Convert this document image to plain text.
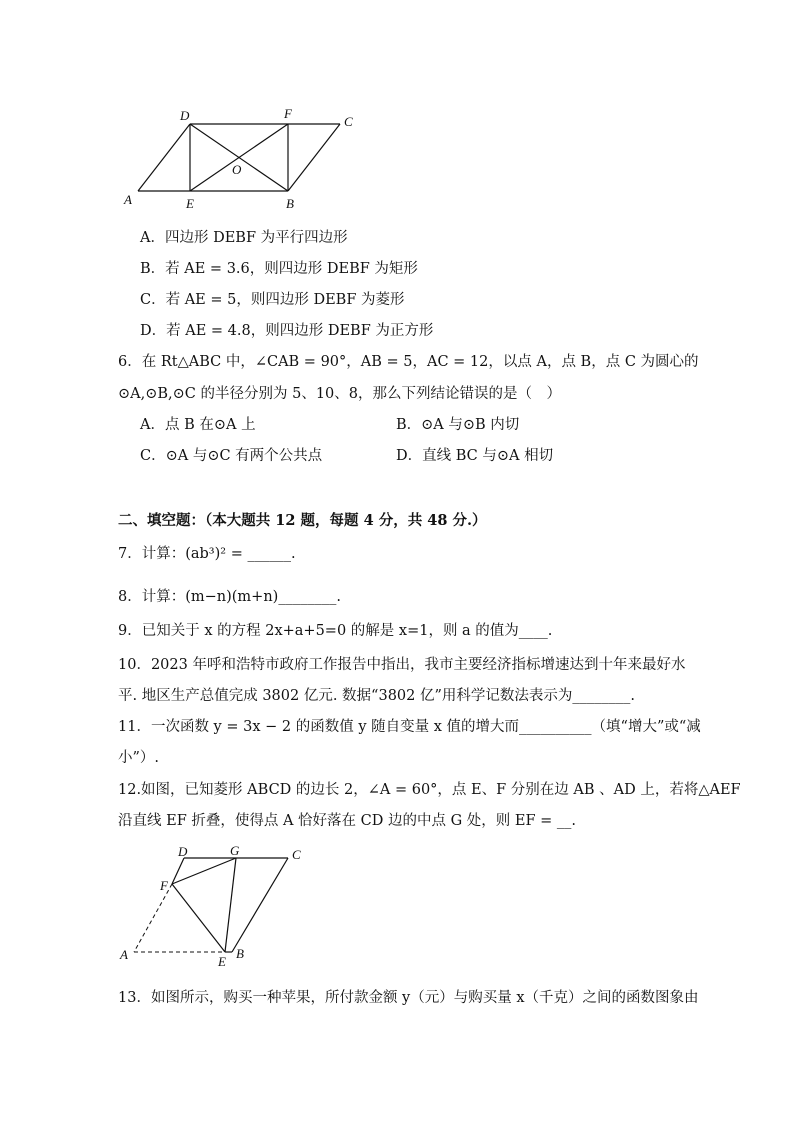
D	F
C
O
A	E	B
A．四边形 DEBF 为平行四边形
B．若 AE = 3.6，则四边形 DEBF 为矩形
C．若 AE = 5，则四边形 DEBF 为菱形
D．若 AE = 4.8，则四边形 DEBF 为正方形
6．在 Rt△ABC 中，∠CAB = 90°，AB = 5，AC = 12，以点 A，点 B，点 C 为圆心的
⊙A,⊙B,⊙C 的半径分别为 5、10、8，那么下列结论错误的是（　）
A．点 B 在⊙A 上	B．⊙A 与⊙B 内切
C．⊙A 与⊙C 有两个公共点	D．直线 BC 与⊙A 相切
二、填空题：（本大题共 12 题，每题 4 分，共 48 分.）
7．计算：(ab³)² = ______.
8．计算：(m−n)(m+n)________.
9．已知关于 x 的方程 2x+a+5=0 的解是 x=1，则 a 的值为____.
10．2023 年呼和浩特市政府工作报告中指出，我市主要经济指标增速达到十年来最好水
平. 地区生产总值完成 3802 亿元. 数据“3802 亿”用科学记数法表示为________.
11．一次函数 y = 3x − 2 的函数值 y 随自变量 x 值的增大而__________（填“增大”或“减
小”）.
12.如图，已知菱形 ABCD 的边长 2，∠A = 60°，点 E、F 分别在边 AB 、AD 上，若将△AEF
沿直线 EF 折叠，使得点 A 恰好落在 CD 边的中点 G 处，则 EF = __.
D	G	C
F
A	E
B
13．如图所示，购买一种苹果，所付款金额 y（元）与购买量 x（千克）之间的函数图象由
